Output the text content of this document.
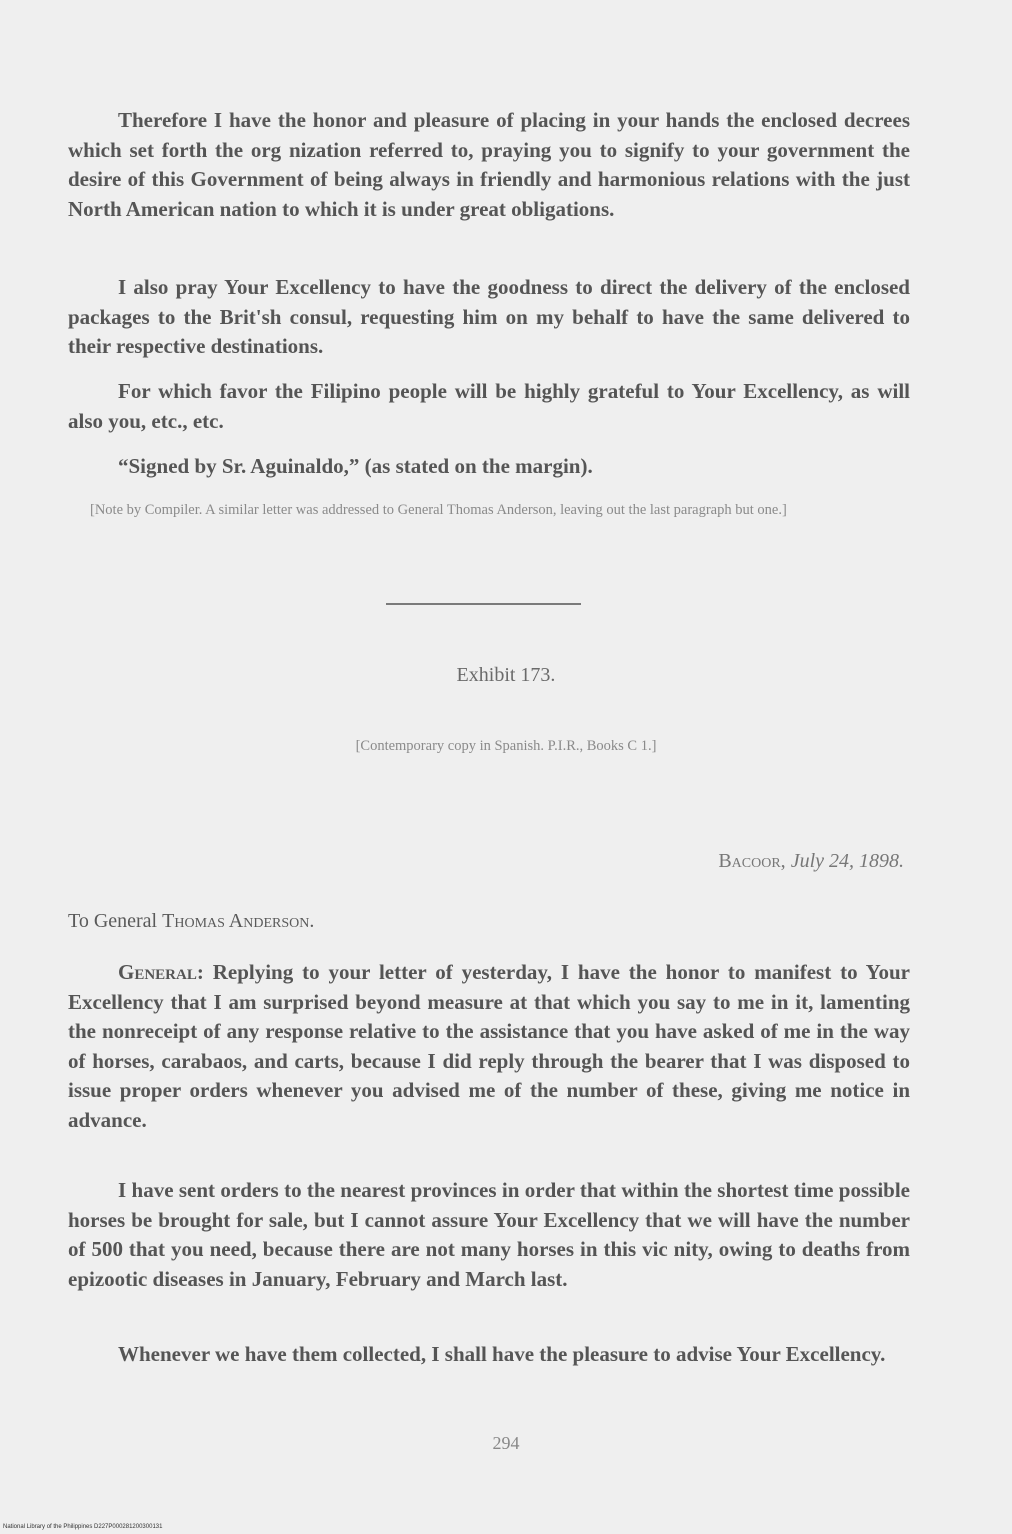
Therefore I have the honor and pleasure of placing in your hands the enclosed decrees which set forth the org nization referred to, praying you to signify to your government the desire of this Government of being always in friendly and harmonious relations with the just North American nation to which it is under great obligations.

I also pray Your Excellency to have the goodness to direct the delivery of the enclosed packages to the Brit'sh consul, requesting him on my behalf to have the same delivered to their respective destinations.

For which favor the Filipino people will be highly grateful to Your Excellency, as will also you, etc., etc.

“Signed by Sr. Aguinaldo,” (as stated on the margin).

[Note by Compiler. A similar letter was addressed to General Thomas Anderson, leaving out the last paragraph but one.]

Exhibit 173.

[Contemporary copy in Spanish. P.I.R., Books C 1.]

Bacoor, July 24, 1898.

To General Thomas Anderson.

General: Replying to your letter of yesterday, I have the honor to manifest to Your Excellency that I am surprised beyond measure at that which you say to me in it, lamenting the nonreceipt of any response relative to the assistance that you have asked of me in the way of horses, carabaos, and carts, because I did reply through the bearer that I was disposed to issue proper orders whenever you advised me of the number of these, giving me notice in advance.

I have sent orders to the nearest provinces in order that within the shortest time possible horses be brought for sale, but I cannot assure Your Excellency that we will have the number of 500 that you need, because there are not many horses in this vic nity, owing to deaths from epizootic diseases in January, February and March last.

Whenever we have them collected, I shall have the pleasure to advise Your Excellency.

294

National Library of the Philippines D227P000281200300131
